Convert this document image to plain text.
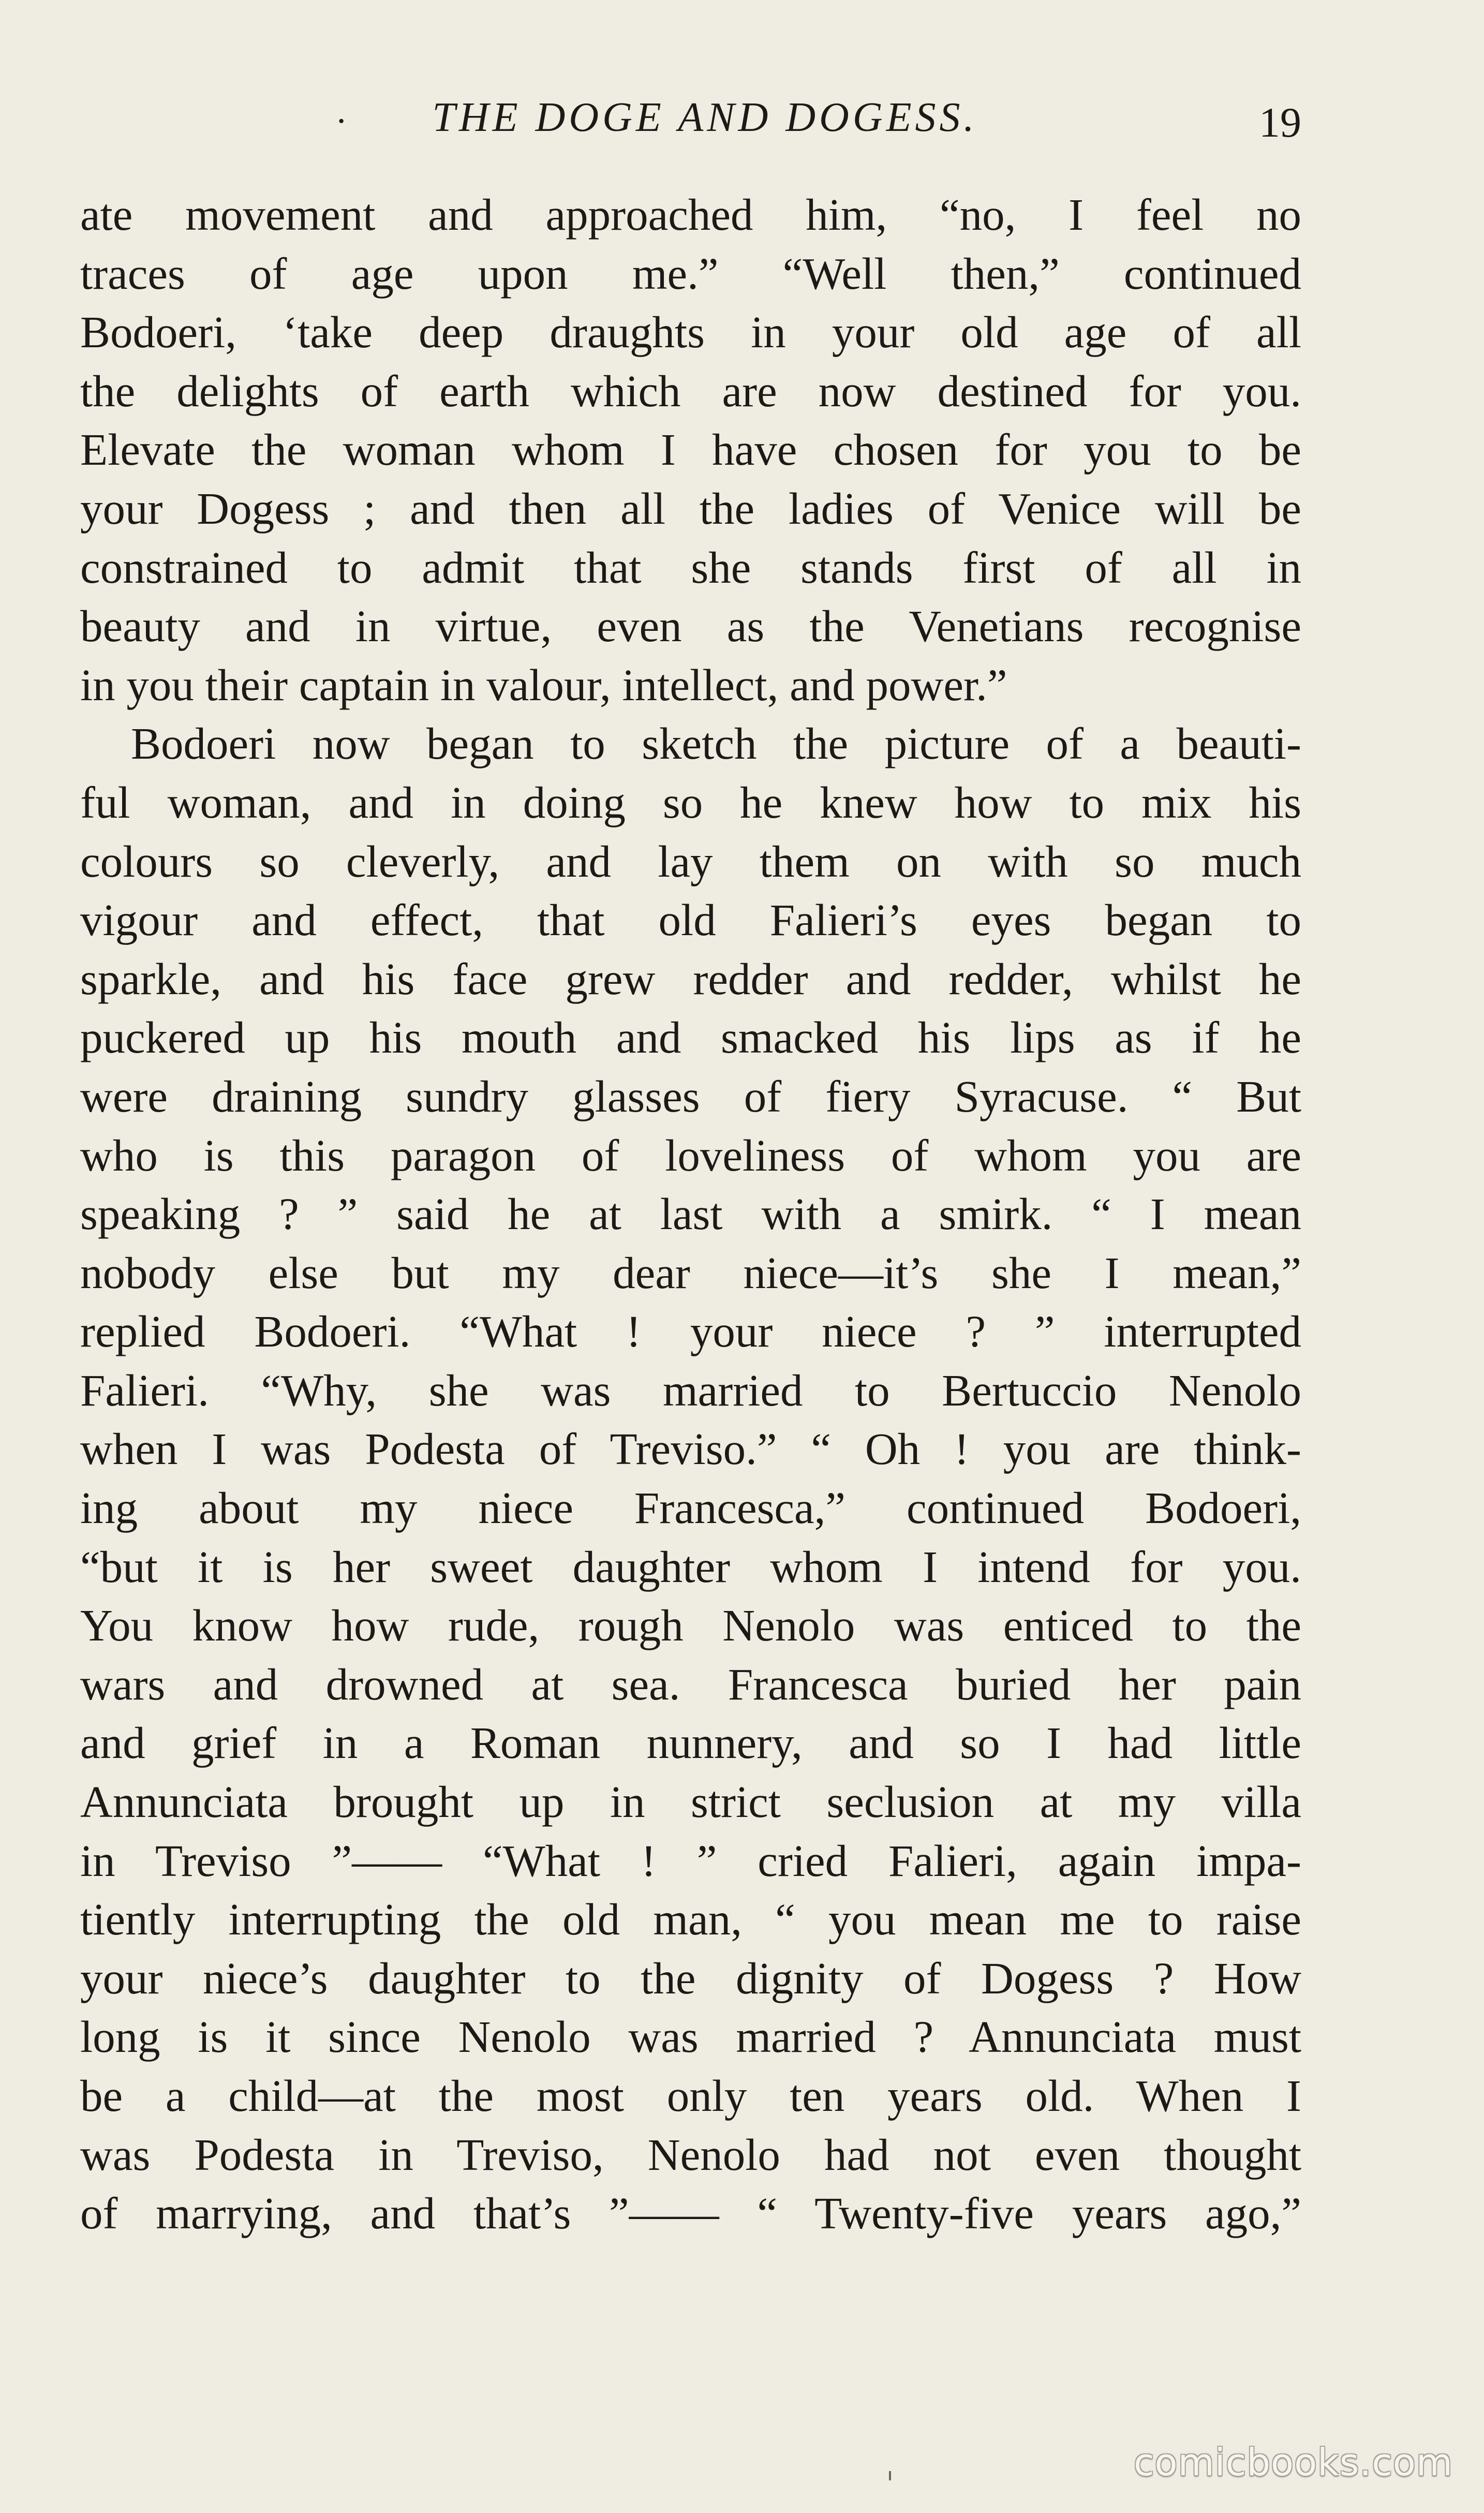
·	THE DOGE AND DOGESS.	19
ate movement and approached him, “no, I feel no
traces of age upon me.” “Well then,” continued
Bodoeri, ‘take deep draughts in your old age of all
the delights of earth which are now destined for you.
Elevate the woman whom I have chosen for you to be
your Dogess ; and then all the ladies of Venice will be
constrained to admit that she stands first of all in
beauty and in virtue, even as the Venetians recognise
in you their captain in valour, intellect, and power.”
Bodoeri now began to sketch the picture of a beauti-
ful woman, and in doing so he knew how to mix his
colours so cleverly, and lay them on with so much
vigour and effect, that old Falieri’s eyes began to
sparkle, and his face grew redder and redder, whilst he
puckered up his mouth and smacked his lips as if he
were draining sundry glasses of fiery Syracuse. “ But
who is this paragon of loveliness of whom you are
speaking ? ” said he at last with a smirk. “ I mean
nobody else but my dear niece—it’s she I mean,”
replied Bodoeri. “What ! your niece ? ” interrupted
Falieri. “Why, she was married to Bertuccio Nenolo
when I was Podesta of Treviso.” “ Oh ! you are think-
ing about my niece Francesca,” continued Bodoeri,
“but it is her sweet daughter whom I intend for you.
You know how rude, rough Nenolo was enticed to the
wars and drowned at sea. Francesca buried her pain
and grief in a Roman nunnery, and so I had little
Annunciata brought up in strict seclusion at my villa
in Treviso ”—— “What ! ” cried Falieri, again impa-
tiently interrupting the old man, “ you mean me to raise
your niece’s daughter to the dignity of Dogess ? How
long is it since Nenolo was married ? Annunciata must
be a child—at the most only ten years old. When I
was Podesta in Treviso, Nenolo had not even thought
of marrying, and that’s ”—— “ Twenty-five years ago,”
comicbooks.com
